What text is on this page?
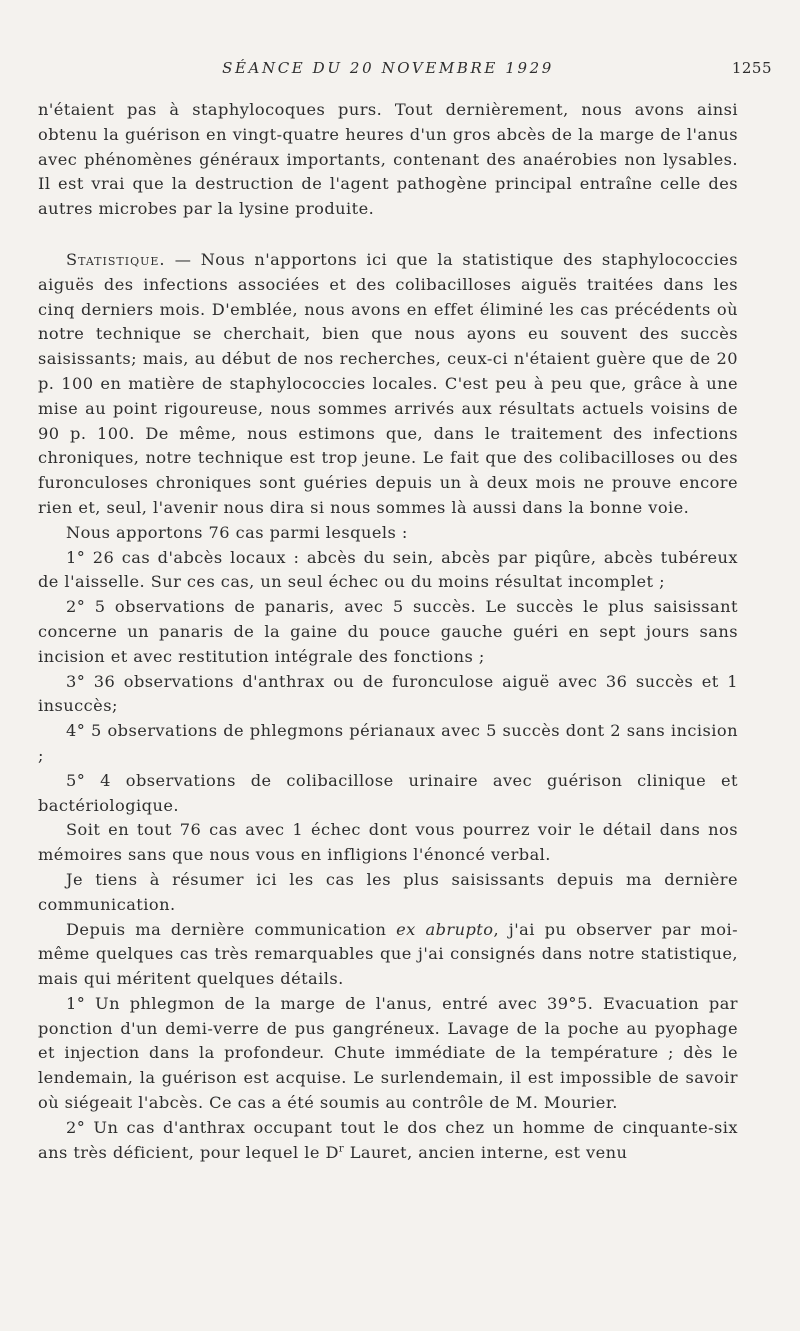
SÉANCE DU 20 NOVEMBRE 1929	1255

n'étaient pas à staphylocoques purs. Tout dernièrement, nous avons ainsi obtenu la guérison en vingt-quatre heures d'un gros abcès de la marge de l'anus avec phénomènes généraux importants, contenant des anaérobies non lysables. Il est vrai que la destruction de l'agent pathogène principal entraîne celle des autres microbes par la lysine produite.

Statistique. — Nous n'apportons ici que la statistique des staphylococcies aiguës des infections associées et des colibacilloses aiguës traitées dans les cinq derniers mois. D'emblée, nous avons en effet éliminé les cas précédents où notre technique se cherchait, bien que nous ayons eu souvent des succès saisissants; mais, au début de nos recherches, ceux-ci n'étaient guère que de 20 p. 100 en matière de staphylococcies locales. C'est peu à peu que, grâce à une mise au point rigoureuse, nous sommes arrivés aux résultats actuels voisins de 90 p. 100. De même, nous estimons que, dans le traitement des infections chroniques, notre technique est trop jeune. Le fait que des colibacilloses ou des furonculoses chroniques sont guéries depuis un à deux mois ne prouve encore rien et, seul, l'avenir nous dira si nous sommes là aussi dans la bonne voie.

Nous apportons 76 cas parmi lesquels :

1° 26 cas d'abcès locaux : abcès du sein, abcès par piqûre, abcès tubéreux de l'aisselle. Sur ces cas, un seul échec ou du moins résultat incomplet ;

2° 5 observations de panaris, avec 5 succès. Le succès le plus saisissant concerne un panaris de la gaine du pouce gauche guéri en sept jours sans incision et avec restitution intégrale des fonctions ;

3° 36 observations d'anthrax ou de furonculose aiguë avec 36 succès et 1 insuccès;

4° 5 observations de phlegmons périanaux avec 5 succès dont 2 sans incision ;

5° 4 observations de colibacillose urinaire avec guérison clinique et bactériologique.

Soit en tout 76 cas avec 1 échec dont vous pourrez voir le détail dans nos mémoires sans que nous vous en infligions l'énoncé verbal.

Je tiens à résumer ici les cas les plus saisissants depuis ma dernière communication.

Depuis ma dernière communication ex abrupto, j'ai pu observer par moi-même quelques cas très remarquables que j'ai consignés dans notre statistique, mais qui méritent quelques détails.

1° Un phlegmon de la marge de l'anus, entré avec 39°5. Evacuation par ponction d'un demi-verre de pus gangréneux. Lavage de la poche au pyophage et injection dans la profondeur. Chute immédiate de la température ; dès le lendemain, la guérison est acquise. Le surlendemain, il est impossible de savoir où siégeait l'abcès. Ce cas a été soumis au contrôle de M. Mourier.

2° Un cas d'anthrax occupant tout le dos chez un homme de cinquante-six ans très déficient, pour lequel le $D^r$ Lauret, ancien interne, est venu
